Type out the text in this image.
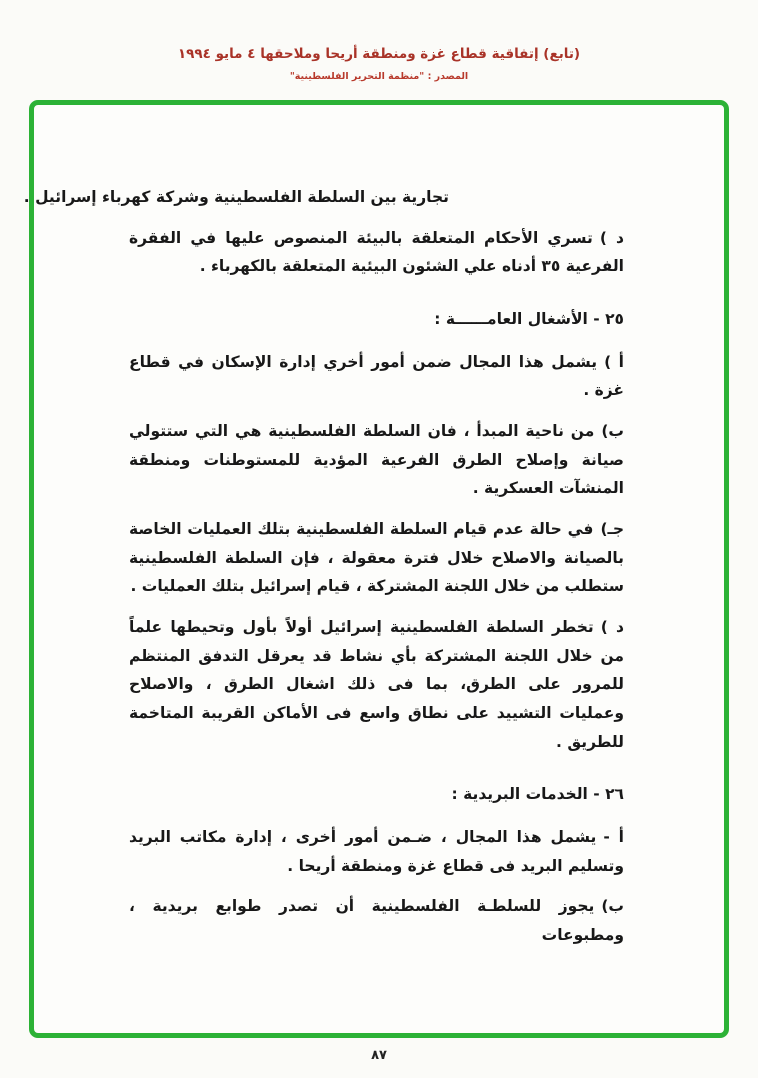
(تابع) إتفاقية قطاع غزة ومنطقة أريحا وملاحقها ٤ مايو ١٩٩٤
المصدر : "منظمة التحرير الفلسطينية"

تجارية بين السلطة الفلسطينية وشركة كهرباء إسرائيل .

د )تسري الأحكام المتعلقة بالبيئة المنصوص عليها في الفقرة الفرعية ٣٥ أدناه علي الشئون البيئية المتعلقة بالكهرباء .

٢٥ - الأشغال العامــــــة :

أ )يشمل هذا المجال ضمن أمور أخري إدارة الإسكان في قطاع غزة .

ب)من ناحية المبدأ ، فان السلطة الفلسطينية هي التي ستتولي صيانة وإصلاح الطرق الفرعية المؤدية للمستوطنات ومنطقة المنشآت العسكرية .

جـ)في حالة عدم قيام السلطة الفلسطينية بتلك العمليات الخاصة بالصيانة والاصلاح خلال فترة معقولة ، فإن السلطة الفلسطينية ستطلب من خلال اللجنة المشتركة ، قيام إسرائيل بتلك العمليات .

د )تخطر السلطة الفلسطينية إسرائيل أولاً بأول وتحيطها علماً من خلال اللجنة المشتركة بأي نشاط قد يعرقل التدفق المنتظم للمرور على الطرق، بما فى ذلك اشغال الطرق ، والاصلاح وعمليات التشييد على نطاق واسع فى الأماكن القريبة المتاخمة للطريق .

٢٦ - الخدمات البريدية :

أ -يشمل هذا المجال ، ضـمن أمور أخرى ، إدارة مكاتب البريد وتسليم البريد فى قطاع غزة ومنطقة أريحا .

ب)يجوز للسلطـة الفلسطينية أن تصدر طوابع بريدية ، ومطبوعات

٨٧
